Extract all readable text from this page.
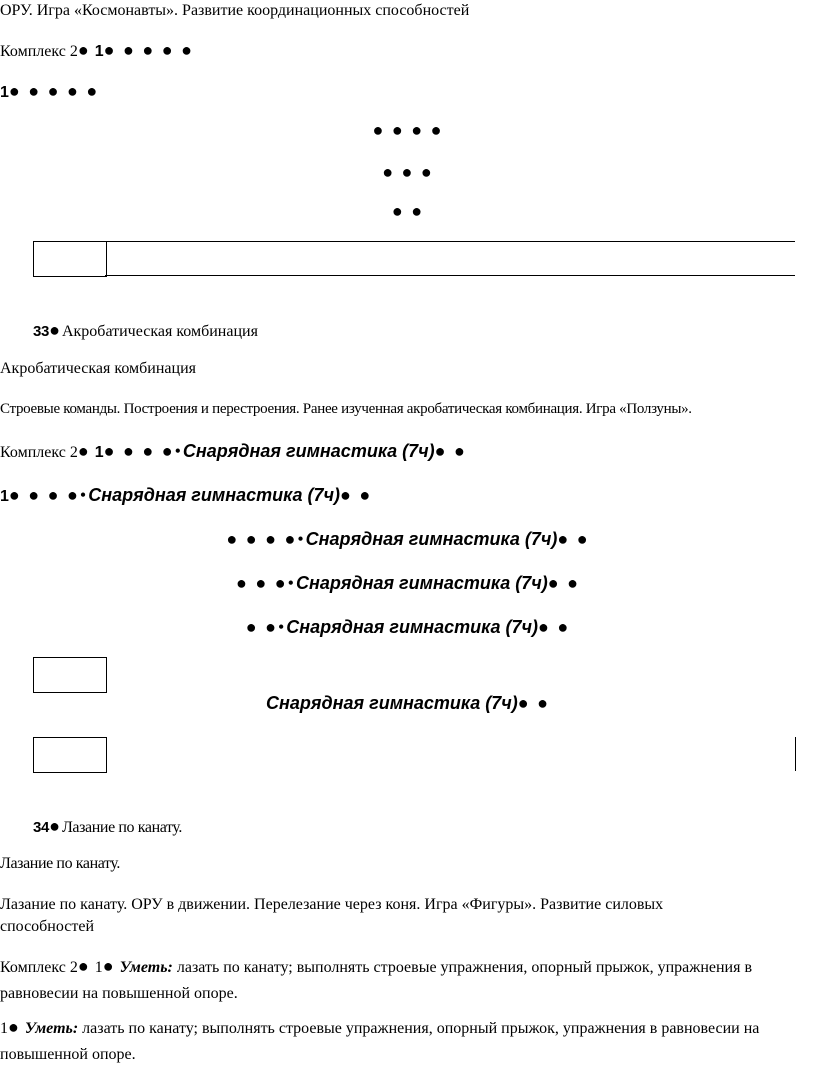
ОРУ. Игра «Космонавты». Развитие координационных способностей
Комплекс 2● 1● ● ● ● ●
1● ● ● ● ●
● ● ● ●
● ● ●
● ●
33●Акробатическая комбинация
Акробатическая комбинация
Строевые команды. Построения и перестроения. Ранее изученная акробатическая комбинация. Игра «Ползуны».
Комплекс 2● 1● ● ● ●•Снарядная гимнастика (7ч)● ●
1● ● ● ●•Снарядная гимнастика (7ч)● ●
● ● ● ●•Снарядная гимнастика (7ч)● ●
● ● ●•Снарядная гимнастика (7ч)● ●
● ●•Снарядная гимнастика (7ч)● ●
Снарядная гимнастика (7ч)● ●
34●Лазание по канату.
Лазание по канату.
Лазание по канату. ОРУ в движении. Перелезание через коня. Игра «Фигуры». Развитие силовых способностей
Комплекс 2● 1● Уметь: лазать по канату; выполнять строевые упражнения, опорный прыжок, упражнения в равновесии на повышенной опоре.
1● Уметь: лазать по канату; выполнять строевые упражнения, опорный прыжок, упражнения в равновесии на повышенной опоре.
